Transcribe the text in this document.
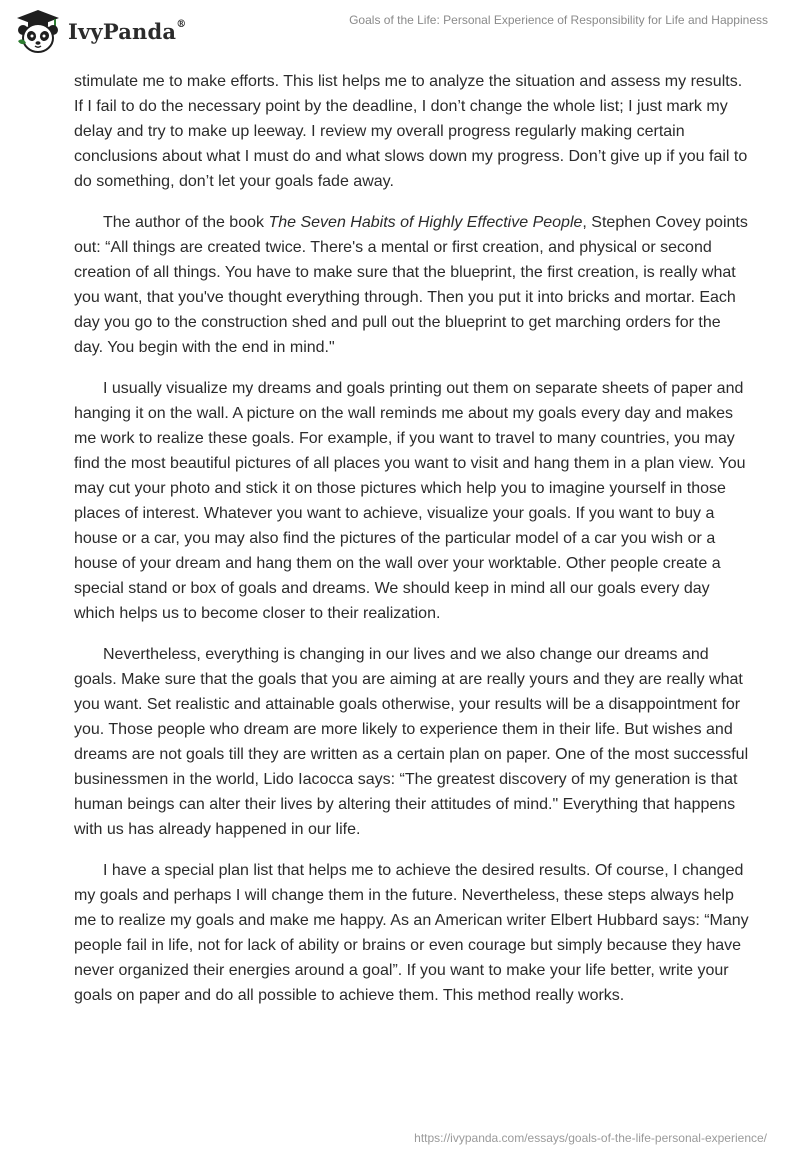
IvyPanda®	Goals of the Life: Personal Experience of Responsibility for Life and Happiness

stimulate me to make efforts. This list helps me to analyze the situation and assess my results. If I fail to do the necessary point by the deadline, I don’t change the whole list; I just mark my delay and try to make up leeway. I review my overall progress regularly making certain conclusions about what I must do and what slows down my progress. Don’t give up if you fail to do something, don’t let your goals fade away.

The author of the book The Seven Habits of Highly Effective People, Stephen Covey points out: “All things are created twice. There's a mental or first creation, and physical or second creation of all things. You have to make sure that the blueprint, the first creation, is really what you want, that you've thought everything through. Then you put it into bricks and mortar. Each day you go to the construction shed and pull out the blueprint to get marching orders for the day. You begin with the end in mind."

I usually visualize my dreams and goals printing out them on separate sheets of paper and hanging it on the wall. A picture on the wall reminds me about my goals every day and makes me work to realize these goals. For example, if you want to travel to many countries, you may find the most beautiful pictures of all places you want to visit and hang them in a plan view. You may cut your photo and stick it on those pictures which help you to imagine yourself in those places of interest. Whatever you want to achieve, visualize your goals. If you want to buy a house or a car, you may also find the pictures of the particular model of a car you wish or a house of your dream and hang them on the wall over your worktable. Other people create a special stand or box of goals and dreams. We should keep in mind all our goals every day which helps us to become closer to their realization.

Nevertheless, everything is changing in our lives and we also change our dreams and goals. Make sure that the goals that you are aiming at are really yours and they are really what you want. Set realistic and attainable goals otherwise, your results will be a disappointment for you. Those people who dream are more likely to experience them in their life. But wishes and dreams are not goals till they are written as a certain plan on paper. One of the most successful businessmen in the world, Lido Iacocca says: “The greatest discovery of my generation is that human beings can alter their lives by altering their attitudes of mind." Everything that happens with us has already happened in our life.

I have a special plan list that helps me to achieve the desired results. Of course, I changed my goals and perhaps I will change them in the future. Nevertheless, these steps always help me to realize my goals and make me happy. As an American writer Elbert Hubbard says: “Many people fail in life, not for lack of ability or brains or even courage but simply because they have never organized their energies around a goal”. If you want to make your life better, write your goals on paper and do all possible to achieve them. This method really works.

https://ivypanda.com/essays/goals-of-the-life-personal-experience/
